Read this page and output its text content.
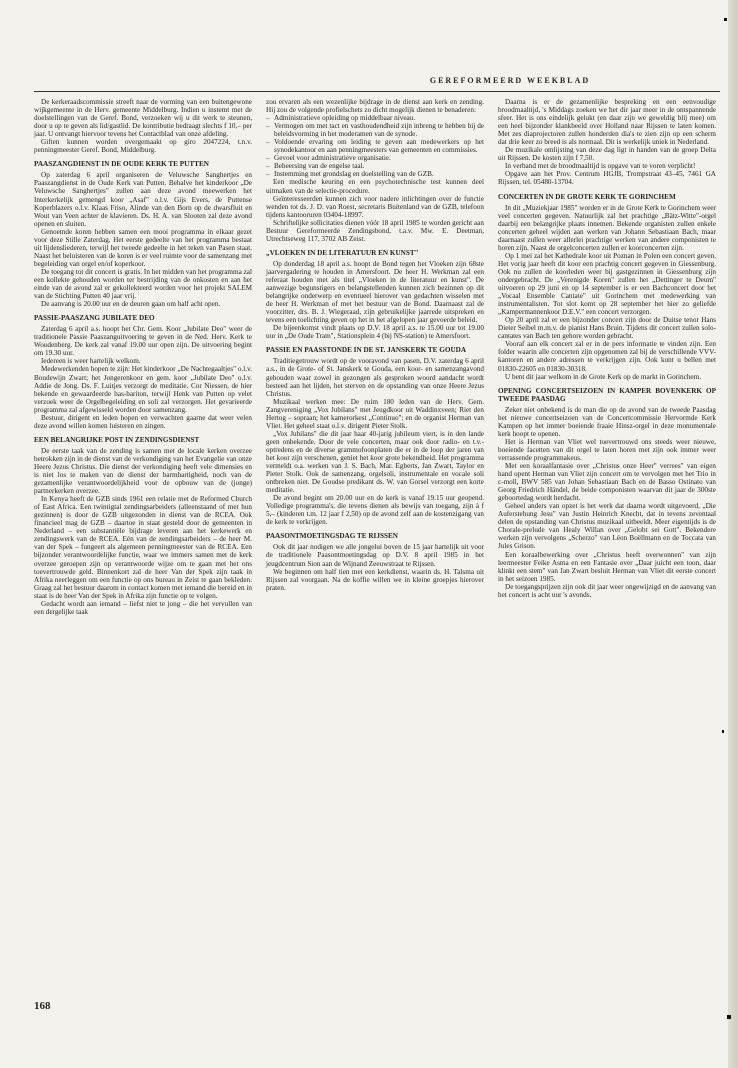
GEREFORMEERD WEEKBLAD

De kerkeraadscommissie streeft naar de vorming van een buitengewone wijkgemeente in de Herv. gemeente Middelburg. Indien u instemt met de doelstellingen van de Geref. Bond, verzoeken wij u dit werk te steunen, door u op te geven als lid/gastlid. De kontributie bedraagt slechts f 10,– per jaar. U ontvangt hiervoor tevens het Contactblad van onze afdeling.

Giften kunnen worden overgemaakt op giro 2047224, t.n.v. penningmeester Geref. Bond, Middelburg.

PAASZANGDIENST IN DE OUDE KERK TE PUTTEN

Op zaterdag 6 april organiseren de Veluwsche Sanghertjes en Paaszangdienst in de Oude Kerk van Putten. Behalve het kinderkoor „De Veluwsche Sanghertjes" zullen aan deze avond meewerken het Interkerkelijk gemengd koor „Asaf" o.l.v. Gijs Evers, de Puttense Koperblazers o.l.v. Klaas Friso, Alinde van den Born op de dwarsfluit en Wout van Veen achter de klavieren. Ds. H. A. van Slooten zal deze avond openen en sluiten.

Genoemde koren hebben samen een mooi programma in elkaar gezet voor deze Stille Zaterdag. Het eerste gedeelte van het programma bestaat uit lijdensliederen, terwijl het tweede gedeelte in het teken van Pasen staat. Naast het beluisteren van de koren is er veel ruimte voor de samenzang met begeleiding van orgel en/of koperkoor.

De toegang tot dit concert is gratis. In het midden van het programma zal een kollekte gehouden worden ter bestrijding van de onkosten en aan het einde van de avond zal er gekollekteerd worden voor het projekt SALEM van de Stichting Putten 40 jaar vrij.

De aanvang is 20.00 uur en de deuren gaan om half acht open.

PASSIE-PAASZANG JUBILATE DEO

Zaterdag 6 april a.s. hoopt het Chr. Gem. Koor „Jubilate Deo" weer de traditionele Passie Paaszanguitvoering te geven in de Ned. Herv. Kerk te Woudenberg. De kerk zal vanaf 19.00 uur open zijn. De uitvoering begint om 19.30 uur.

Iedereen is weer hartelijk welkom.

Medewerkenden hopen te zijn: Het kinderkoor „De Nachtegaaltjes" o.l.v. Boudewijn Zwart; het Jongerenkoor en gem. koor „Jubilate Deo" o.l.v. Addie de Jong. Ds. F. Luitjes verzorgt de meditatie. Cor Niessen, de hier bekende en gewaardeerde bas-bariton, terwijl Henk van Putten op velet verzoek weer de Orgelbegeleiding en soli zal verzorgen. Het gevarieerde programma zal afgewisseld worden door samenzang.

Bestuur, dirigent en leden hopen en verwachten gaarne dat weer velen deze avond willen komen luisteren en zingen.

EEN BELANGRIJKE POST IN ZENDINGSDIENST

De eerste taak van de zending is samen met de locale kerken overzee betrokken zijn in de dienst van de verkondiging van het Evangelie van onze Heere Jezus Christus. Die dienst der verkondiging heeft vele dimensies en is niet los te maken van de dienst der barmhartigheid, noch van de gezamenlijke verantwoordelijkheid voor de opbouw van de (jonge) partnerkerken overzee.

In Kenya heeft de GZB sinds 1961 een relatie met de Reformed Church of East Africa. Een twintigtal zendingsarbeiders (alleenstaand of met hun gezinnen) is door de GZB uitgezonden in dienst van de RCEA. Ook financieel mag de GZB – daartoe in staat gesteld door de gemeenten in Nederland – een substantiële bijdrage leveren aan het kerkewerk en zendingswerk van de RCEA. Eén van de zendingsarbeiders – de heer M. van der Spek – fungeert als algemeen penningmeester van de RCEA. Een bijzonder verantwoordelijke functie, waar we immers samen met de kerk overzee geroepen zijn op verantwoorde wijze om te gaan met het ons toevertrouwde geld. Binnenkort zal de heer Van der Spek zijn taak in Afrika neerleggen om een functie op ons bureau in Zeist te gaan bekleden. Graag zal het bestuur daarom in contact komen met iemand die bereid en in staat is de heer Van der Spek in Afrika zijn functie op te volgen.

Gedacht wordt aan iemand – liefst niet te jong – die het vervullen van een dergelijke taak

zou ervaren als een wezenlijke bijdrage in de dienst aan kerk en zending. Hij zou de volgende profielschets zo dicht mogelijk dienen te benaderen:

– Administratieve opleiding op middelbaar niveau.
– Vermogen om met tact en vasthoudendheid zijn inbreng te hebben bij de beleidsvorming in het moderamen van de synode.
– Voldoende ervaring om leiding te geven aan medewerkers op het synodekantoor en aan penningmeesters van gemeenten en commissies.
– Gevoel voor administratieve organisatie.
– Beheersing van de engelse taal.
– Instemming met grondslag en doelstelling van de GZB.

Een medische keuring en een psychotechnische test kunnen deel uitmaken van de selectie-procedure.

Geïnteresseerden kunnen zich voor nadere inlichtingen over de functie wenden tot ds. J. D. van Roest, secretaris Buitenland van de GZB, telefoon tijdens kantooruren 03404-18997.

Schriftelijke sollicitaties dienen vóór 18 april 1985 te worden gericht aan Bestuur Gereformeerde Zendingsbond, t.a.v. Mw. E. Deetman, Utrechtseweg 117, 3702 AB Zeist.

„VLOEKEN IN DE LITERATUUR EN KUNST"

Op donderdag 18 april a.s. hoopt de Bond tegen het Vloeken zijn 68ste jaarvergadering te houden in Amersfoort. De heer H. Werkman zal een referaat houden met als titel „Vloeken in de literatuur en kunst". De aanwezige begunstigers en belangstellenden kunnen zich bezinnen op dit belangrijke onderwerp en eventueel hierover van gedachten wisselen met de heer H. Werkman of met het bestuur van de Bond. Daarnaast zal de voorzitter, drs. B. J. Wiegeraad, zijn gebruikelijke jaarrede uitspreken en tevens een toelichting geven op het in het afgelopen jaar gevoerde beleid.

De bijeenkomst vindt plaats op D.V. 18 april a.s. te 15.00 uur tot 19.00 uur in „De Oude Tram", Stationsplein 4 (bij NS-station) te Amersfoort.

PASSIE EN PAASSTONDE IN DE ST. JANSKERK TE GOUDA

Traditiegetrouw wordt op de vooravond van pasen, D.V. zaterdag 6 april a.s., in de Grote- of St. Janskerk te Gouda, een koor- en samenzangavond gehouden waar zowel in gezongen als gesproken woord aandacht wordt besteed aan het lijden, het sterven en de opstanding van onze Heere Jezus Christus.

Muzikaal werken mee: De ruim 180 leden van de Herv. Gem. Zangvereniging „Vox Jubilans" met Jeugdkoor uit Waddinxveen; Riet den Hertog – sopraan; het kamerorkest „Continuo"; en de organist Herman van Vliet. Het geheel staat o.l.v. dirigent Pieter Stolk.

„Vox Jubilans" die dit jaar haar 40-jarig jubileum viert, is in den lande geen onbekende. Door de vele concerten, maar ook door radio- en t.v.-optredens en de diverse grammofoonplaten die er in de loop der jaren van het koor zijn verschenen, geniet het koor grote bekendheid. Het programma vermeldt o.a. werken van J. S. Bach, Mar. Egberts, Jan Zwart, Taylor en Pieter Stolk. Ook de samenzang, orgelsoli, instrumentale en vocale soli ontbreken niet. De Goudse predikant ds. W. van Gorsel verzorgt een korte meditatie.

De avond begint om 20.00 uur en de kerk is vanaf 19.15 uur geopend. Volledige programma's, die tevens dienen als bewijs van toegang, zijn à f 5,– (kinderen t.m. 12 jaar f 2,50) op de avond zelf aan de kostenzigang van de kerk te verkrijgen.

PAASONTMOETINGSDAG TE RIJSSEN

Ook dit jaar nodigen we alle jongelui boven de 15 jaar hartelijk uit voor de traditionele Paasontmoetingsdag op D.V. 8 april 1985 in het jeugdcentrum Sion aan de Wijnand Zeeuwstraat te Rijssen.

We beginnen om half tien met een kerkdienst, waarin ds. H. Talsma uit Rijssen zal voorgaan. Na de koffie willen we in kleine groepjes hierover praten.

Daarna is er de gezamenlijke bespreking en een eenvoudige broodmaaltijd, 's Middags zoeken we het dir jaar meer in de ontspannende sfeer. Het is ons eindelijk gelukt (en daar zijn we geweldig blij mee) om een heel bijzonder klankbeeld over Holland naar Rijssen te laten komen. Met zes diaprojectoren zullen honderden dia's te zien zijn op een scherm dat drie keer zo breed is als normaal. Dit is werkelijk uniek in Nederland.

De muzikale omlijsting van deze dag ligt in handen van de groep Delta uit Rijssen. De kosten zijn f 7,50.

In verband met de broodmaaltijd is opgave van te voren verplicht!

Opgave aan het Prov. Centrum HGJB, Trompstraat 43–45, 7461 GA Rijssen, tel. 05480-13704.

CONCERTEN IN DE GROTE KERK TE GORINCHEM

In dit „Muziekjaar 1985" worden er in de Grote Kerk te Gorinchem weer veel concerten gegeven. Natuurlijk zal het prachtige „Bätz-Witte"-orgel daarbij een belangrijke plaats innemen. Bekende organisten zullen enkele concerten geheel wijden aan werken van Johann Sebastiaan Bach, maar daarnaast zullen weer allerlei prachtige werken van andere componisten te horen zijn. Naast de orgelconcerten zullen er koorconcerten zijn.

Op 1 mei zal het Kathedrale koor uit Poznan in Polen een concert geven. Het vorig jaar heeft dit koor een prachtig concert gegeven in Giessenburg. Ook nu zullen de koorleden weer bij gastgezinnen in Giessenburg zijn ondergebracht. De „Verenigde Koren" zullen het „Dettinger te Deum" uitvoeren op 29 juni en op 14 september is er een Bachconcert door het „Vocaal Ensemble Cantate" uit Gorinchem met medewerking van instrumentalisten. Tot slot komt op 28 september het hier zo geliefde „Kampermannenkoor D.E.V." een concert verzorgen.

Op 20 april zal er een bijzonder concert zijn door de Duitse tenor Hans Dieter Seibel m.m.v. de pianist Hans Bruin. Tijdens dit concert zullen solo-cantates van Bach ten gehore worden gebracht.

Vooraf aan elk concert zal er in de pers informatie te vinden zijn. Een folder waarin alle concerten zijn opgenomen zal bij de verschillende VVV-kantoren en andere adressen te verkrijgen zijn. Ook kunt u bellen met 01830-22605 en 01830-30318.

U bent dit jaar welkom in de Grote Kerk op de markt in Gorinchem.

OPENING CONCERTSEIZOEN IN KAMPER BOVENKERK OP TWEEDE PAASDAG

Zeker niet onbekend is de man die op de avond van de tweede Paasdag het nieuwe concertseizoen van de Concertcommissie Hervormde Kerk Kampen op het immer boeiende fraaie Hinsz-orgel in deze monumentale kerk hoopt te openen.

Het is Herman van Vliet wel toevertrouwd ons steeds weer nieuwe, boeiende facetten van dit orgel te laten horen met zijn ook immer weer verrassende programmakeus.

Met een koraalfantasie over „Christus onze Heer" verrees" van eigen hand opent Herman van Vliet zijn concert om te vervolgen met het Trio in c-moll, BWV 585 van Johan Sebastiaan Bach en de Basso Ostinato van Georg Friedrich Händel, de beide componisten waarvan dit jaar de 300ste geboortedag wordt herdacht.

Geheel anders van opzet is het werk dat daarna wordt uitgevoerd, „Die Auferstehung Jesu" van Justin Heinrich Knecht, dat in tevens zeventaal delen de opstanding van Christus muzikaal uitbeeldt. Meer eigentijds is de Chorale-prelude van Healy Willan over „Gelobt sei Gott". Bekendere werken zijn vervolgens „Scherzo" van Léon Boëllmann en de Toccata van Jules Grison.

Een koraalbewerking over „Christus heeft overwonnen" van zijn leermeester Feike Asma en een Fantasie over „Daar juicht een toon, daar klinkt een stem" van Jan Zwart besluit Herman van Vliet dit eerste concert in het seizoen 1985.

De toegangsprijzen zijn ook dit jaar weer ongewijzigd en de aanvang van het concert is acht uur 's avonds.

168
